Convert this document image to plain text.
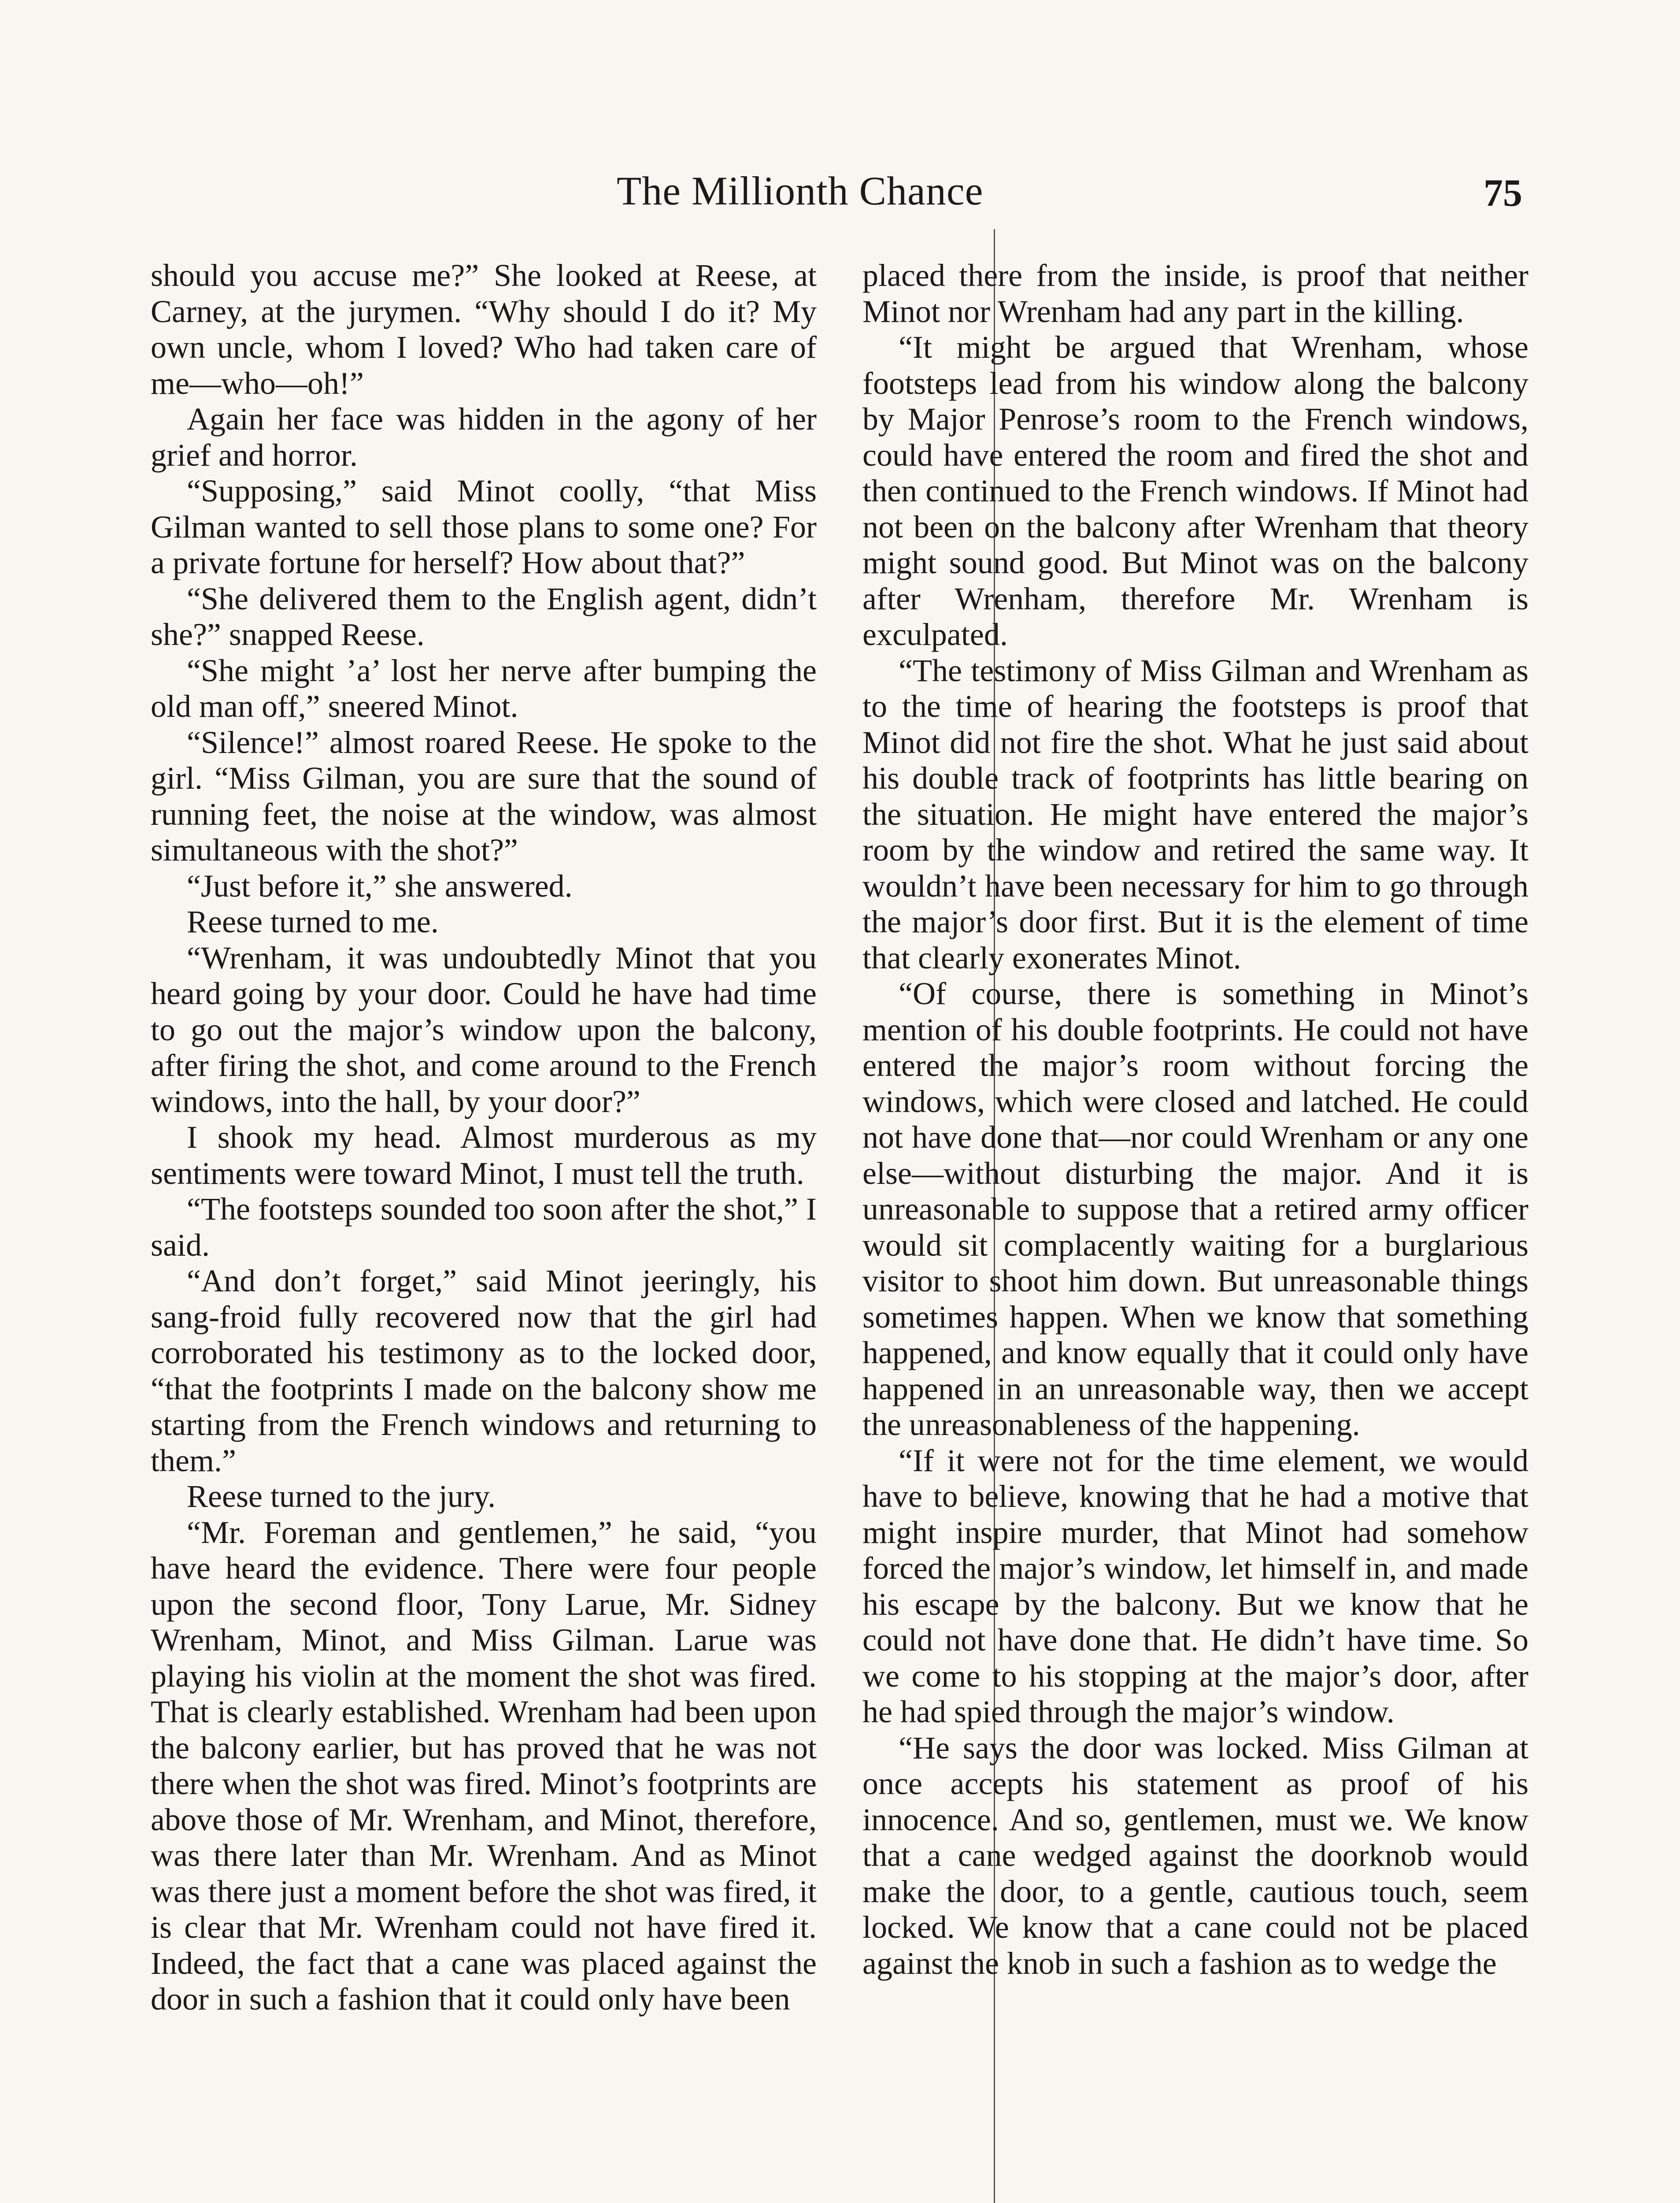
The Millionth Chance	75

should you accuse me?” She looked at Reese, at Carney, at the jurymen. “Why should I do it? My own uncle, whom I loved? Who had taken care of me—who—oh!”

Again her face was hidden in the agony of her grief and horror.

“Supposing,” said Minot coolly, “that Miss Gilman wanted to sell those plans to some one? For a private fortune for herself? How about that?”

“She delivered them to the English agent, didn’t she?” snapped Reese.

“She might ’a’ lost her nerve after bumping the old man off,” sneered Minot.

“Silence!” almost roared Reese. He spoke to the girl. “Miss Gilman, you are sure that the sound of running feet, the noise at the window, was almost simultaneous with the shot?”

“Just before it,” she answered.

Reese turned to me.

“Wrenham, it was undoubtedly Minot that you heard going by your door. Could he have had time to go out the major’s window upon the balcony, after firing the shot, and come around to the French windows, into the hall, by your door?”

I shook my head. Almost murderous as my sentiments were toward Minot, I must tell the truth.

“The footsteps sounded too soon after the shot,” I said.

“And don’t forget,” said Minot jeeringly, his sang-froid fully recovered now that the girl had corroborated his testimony as to the locked door, “that the footprints I made on the balcony show me starting from the French windows and returning to them.”

Reese turned to the jury.

“Mr. Foreman and gentlemen,” he said, “you have heard the evidence. There were four people upon the second floor, Tony Larue, Mr. Sidney Wrenham, Minot, and Miss Gilman. Larue was playing his violin at the moment the shot was fired. That is clearly established. Wrenham had been upon the balcony earlier, but has proved that he was not there when the shot was fired. Minot’s footprints are above those of Mr. Wrenham, and Minot, therefore, was there later than Mr. Wrenham. And as Minot was there just a moment before the shot was fired, it is clear that Mr. Wrenham could not have fired it. Indeed, the fact that a cane was placed against the door in such a fashion that it could only have been

placed there from the inside, is proof that neither Minot nor Wrenham had any part in the killing.

“It might be argued that Wrenham, whose footsteps lead from his window along the balcony by Major Penrose’s room to the French windows, could have entered the room and fired the shot and then continued to the French windows. If Minot had not been on the balcony after Wrenham that theory might sound good. But Minot was on the balcony after Wrenham, therefore Mr. Wrenham is exculpated.

“The testimony of Miss Gilman and Wrenham as to the time of hearing the footsteps is proof that Minot did not fire the shot. What he just said about his double track of footprints has little bearing on the situation. He might have entered the major’s room by the window and retired the same way. It wouldn’t have been necessary for him to go through the major’s door first. But it is the element of time that clearly exonerates Minot.

“Of course, there is something in Minot’s mention of his double footprints. He could not have entered the major’s room without forcing the windows, which were closed and latched. He could not have done that—nor could Wrenham or any one else—without disturbing the major. And it is unreasonable to suppose that a retired army officer would sit complacently waiting for a burglarious visitor to shoot him down. But unreasonable things sometimes happen. When we know that something happened, and know equally that it could only have happened in an unreasonable way, then we accept the unreasonableness of the happening.

“If it were not for the time element, we would have to believe, knowing that he had a motive that might inspire murder, that Minot had somehow forced the major’s window, let himself in, and made his escape by the balcony. But we know that he could not have done that. He didn’t have time. So we come to his stopping at the major’s door, after he had spied through the major’s window.

“He says the door was locked. Miss Gilman at once accepts his statement as proof of his innocence. And so, gentlemen, must we. We know that a cane wedged against the doorknob would make the door, to a gentle, cautious touch, seem locked. We know that a cane could not be placed against the knob in such a fashion as to wedge the
